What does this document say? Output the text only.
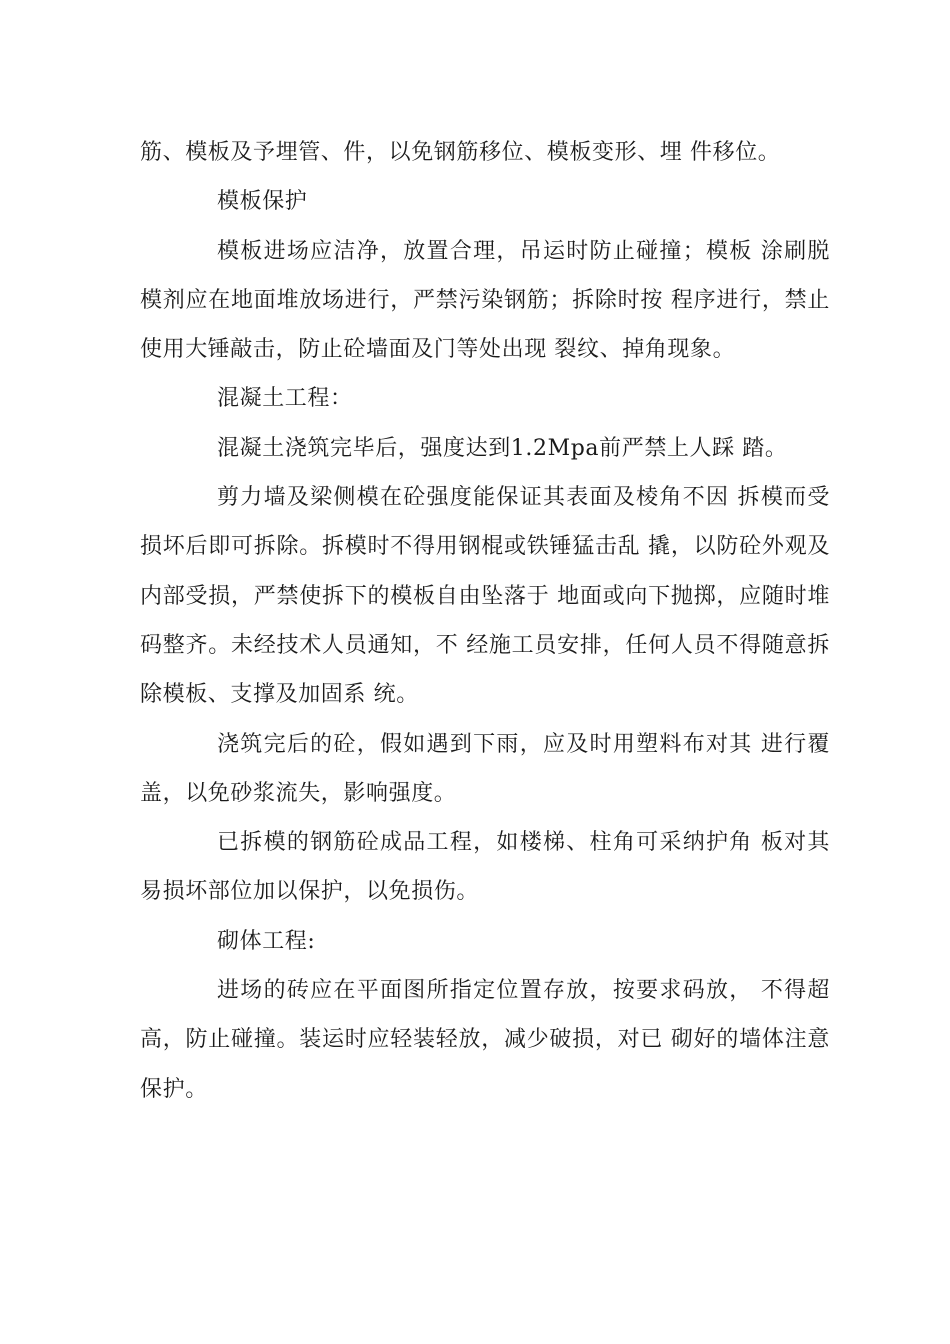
筋、模板及予埋管、件，以免钢筋移位、模板变形、埋 件移位。

模板保护

模板进场应洁净，放置合理，吊运时防止碰撞；模板 涂刷脱模剂应在地面堆放场进行，严禁污染钢筋；拆除时按 程序进行，禁止使用大锤敲击，防止砼墙面及门等处出现 裂纹、掉角现象。

混凝土工程：

混凝土浇筑完毕后，强度达到1.2Mpa前严禁上人踩 踏。

剪力墙及梁侧模在砼强度能保证其表面及棱角不因 拆模而受损坏后即可拆除。拆模时不得用钢棍或铁锤猛击乱 撬，以防砼外观及内部受损，严禁使拆下的模板自由坠落于 地面或向下抛掷，应随时堆码整齐。未经技术人员通知，不 经施工员安排，任何人员不得随意拆除模板、支撑及加固系 统。

浇筑完后的砼，假如遇到下雨，应及时用塑料布对其 进行覆盖，以免砂浆流失，影响强度。

已拆模的钢筋砼成品工程，如楼梯、柱角可采纳护角 板对其易损坏部位加以保护，以免损伤。

砌体工程:

进场的砖应在平面图所指定位置存放，按要求码放， 不得超高，防止碰撞。装运时应轻装轻放，减少破损，对已 砌好的墙体注意保护。
